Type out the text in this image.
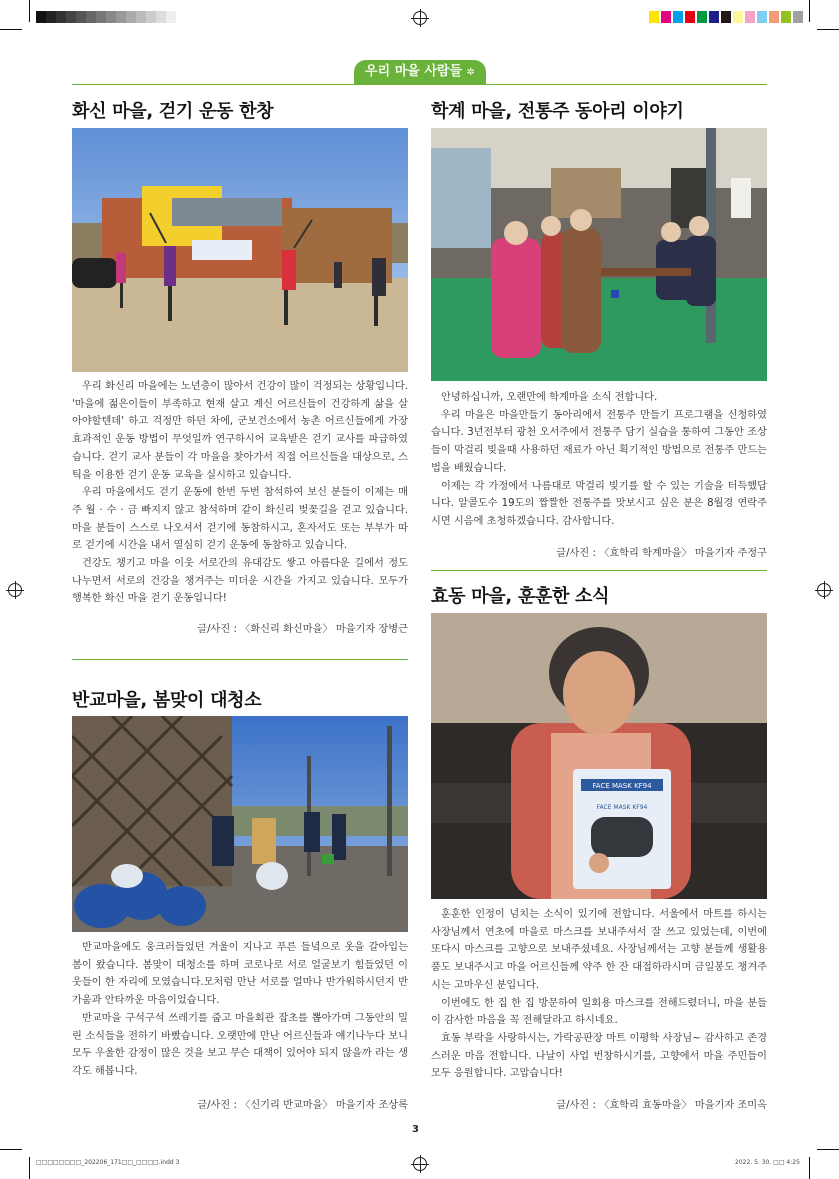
우리 마을 사람들 ✲
화신 마을, 걷기 운동 한창

우리 화신리 마을에는 노년층이 많아서 건강이 많이 걱정되는 상황입니다. '마을에 젊은이들이 부족하고 현재 살고 계신 어르신들이 건강하게 삶을 살아야할텐데' 하고 걱정만 하던 차에, 군보건소에서 농촌 어르신들에게 가장 효과적인 운동 방법이 무엇일까 연구하시어 교육받은 걷기 교사를 파급하였습니다. 걷기 교사 분들이 각 마을을 찾아가서 직접 어르신들을 대상으로, 스틱을 이용한 걷기 운동 교육을 실시하고 있습니다.

우리 마을에서도 걷기 운동에 한번 두번 참석하여 보신 분들이 이제는 매주 월 · 수 · 금 빠지지 않고 참석하며 같이 화신리 벚꽃길을 걷고 있습니다. 마을 분들이 스스로 나오셔서 걷기에 동참하시고, 혼자서도 또는 부부가 따로 걷기에 시간을 내서 열심히 걷기 운동에 동참하고 있습니다.

건강도 챙기고 마을 이웃 서로간의 유대감도 쌓고 아름다운 길에서 정도 나누면서 서로의 건강을 챙겨주는 미더운 시간을 가지고 있습니다. 모두가 행복한 화신 마을 걷기 운동입니다!

글/사진 : 〈화신리 화신마을〉 마을기자 장병근
반교마을, 봄맞이 대청소

반교마을에도 웅크러들었던 겨울이 지나고 푸른 들녘으로 옷을 갈아입는 봄이 왔습니다. 봄맞이 대청소를 하며 코로나로 서로 얼굴보기 힘들었던 이웃들이 한 자리에 모였습니다.모처럼 만난 서로를 얼마나 반가워하시던지 반가움과 안타까운 마음이었습니다.

반교마을 구석구석 쓰레기를 줍고 마을회관 잡초를 뽑아가며 그동안의 밀린 소식들을 전하기 바빴습니다. 오랫만에 만난 어르신들과 얘기나누다 보니 모두 우울한 감정이 많은 것을 보고 무슨 대책이 있어야 되지 않을까 라는 생각도 해봅니다.

글/사진 : 〈신기리 반교마을〉 마을기자 조상록
학계 마을, 전통주 동아리 이야기

안녕하십니까, 오랜만에 학계마을 소식 전합니다.

우리 마을은 마을만들기 동아리에서 전통주 만들기 프로그램을 신청하였습니다. 3년전부터 광천 오서주에서 전통주 담기 실습을 통하여 그동안 조상들이 막걸리 빚을때 사용하던 재료가 아닌 획기적인 방법으로 전통주 만드는 법을 배웠습니다.

이제는 각 가정에서 나름대로 막걸리 빚기를 할 수 있는 기술을 터득했답니다. 알콜도수 19도의 짭짤한 전통주를 맛보시고 싶은 분은 8월경 연락주시면 시음에 초청하겠습니다. 감사합니다.

글/사진 : 〈효학리 학계마을〉 마을기자 주정구
효동 마을, 훈훈한 소식
FACE MASK KF94
FACE MASK KF94

훈훈한 인정이 넘치는 소식이 있기에 전합니다. 서울에서 마트를 하시는 사장님께서 연초에 마을로 마스크를 보내주셔서 잘 쓰고 있었는데, 이번에 또다시 마스크를 고향으로 보내주셨네요. 사장님께서는 고향 분들께 생활용품도 보내주시고 마을 어르신들께 약주 한 잔 대접하라시며 금일봉도 챙겨주시는 고마우신 분입니다.

이번에도 한 집 한 집 방문하여 일회용 마스크를 전해드렸더니, 마을 분들이 감사한 마음을 꼭 전해달라고 하시네요.

효동 부락을 사랑하시는, 가락공판장 마트 이평학 사장님~ 감사하고 존경스러운 마음 전합니다. 나날이 사업 번창하시기를, 고향에서 마을 주민들이 모두 응원합니다. 고맙습니다!

글/사진 : 〈효학리 효동마을〉 마을기자 조미옥
3
□□□□□□□□_202206_171□□_□□□□.indd 3	2022. 5. 30. □□ 4:25
